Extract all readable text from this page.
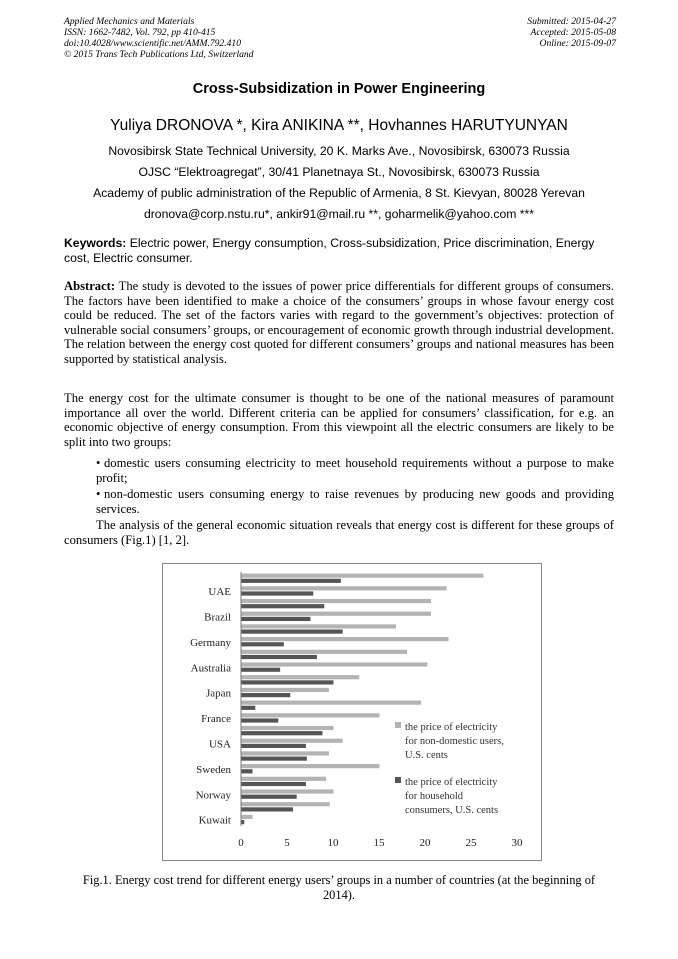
Applied Mechanics and Materials
ISSN: 1662-7482, Vol. 792, pp 410-415
doi:10.4028/www.scientific.net/AMM.792.410
© 2015 Trans Tech Publications Ltd, Switzerland
Submitted: 2015-04-27
Accepted: 2015-05-08
Online: 2015-09-07
Cross-Subsidization in Power Engineering
Yuliya DRONOVA *, Kira ANIKINA **, Hovhannes HARUTYUNYAN
Novosibirsk State Technical University, 20 K. Marks Ave., Novosibirsk, 630073 Russia
OJSC “Elektroagregat”, 30/41 Planetnaya St., Novosibirsk, 630073 Russia
Academy of public administration of the Republic of Armenia, 8 St. Kievyan, 80028 Yerevan
dronova@corp.nstu.ru*, ankir91@mail.ru **, goharmelik@yahoo.com ***
Keywords: Electric power, Energy consumption, Cross-subsidization, Price discrimination, Energy cost, Electric consumer.
Abstract: The study is devoted to the issues of power price differentials for different groups of consumers. The factors have been identified to make a choice of the consumers’ groups in whose favour energy cost could be reduced. The set of the factors varies with regard to the government’s objectives: protection of vulnerable social consumers’ groups, or encouragement of economic growth through industrial development. The relation between the energy cost quoted for different consumers’ groups and national measures has been supported by statistical analysis.
The energy cost for the ultimate consumer is thought to be one of the national measures of paramount importance all over the world. Different criteria can be applied for consumers’ classification, for e.g. an economic objective of energy consumption. From this viewpoint all the electric consumers are likely to be split into two groups:
• domestic users consuming electricity to meet household requirements without a purpose to make profit;
• non-domestic users consuming energy to raise revenues by producing new goods and providing services.
The analysis of the general economic situation reveals that energy cost is different for these groups of consumers (Fig.1) [1, 2].
UAE
Brazil
Germany
Australia
Japan
France
USA
Sweden
Norway
Kuwait
0	5	10	15	20	25	30
the price of electricity
for non-domestic users,
U.S. cents
the price of electricity
for household
consumers, U.S. cents
Fig.1. Energy cost trend for different energy users’ groups in a number of countries (at the beginning of 2014).
